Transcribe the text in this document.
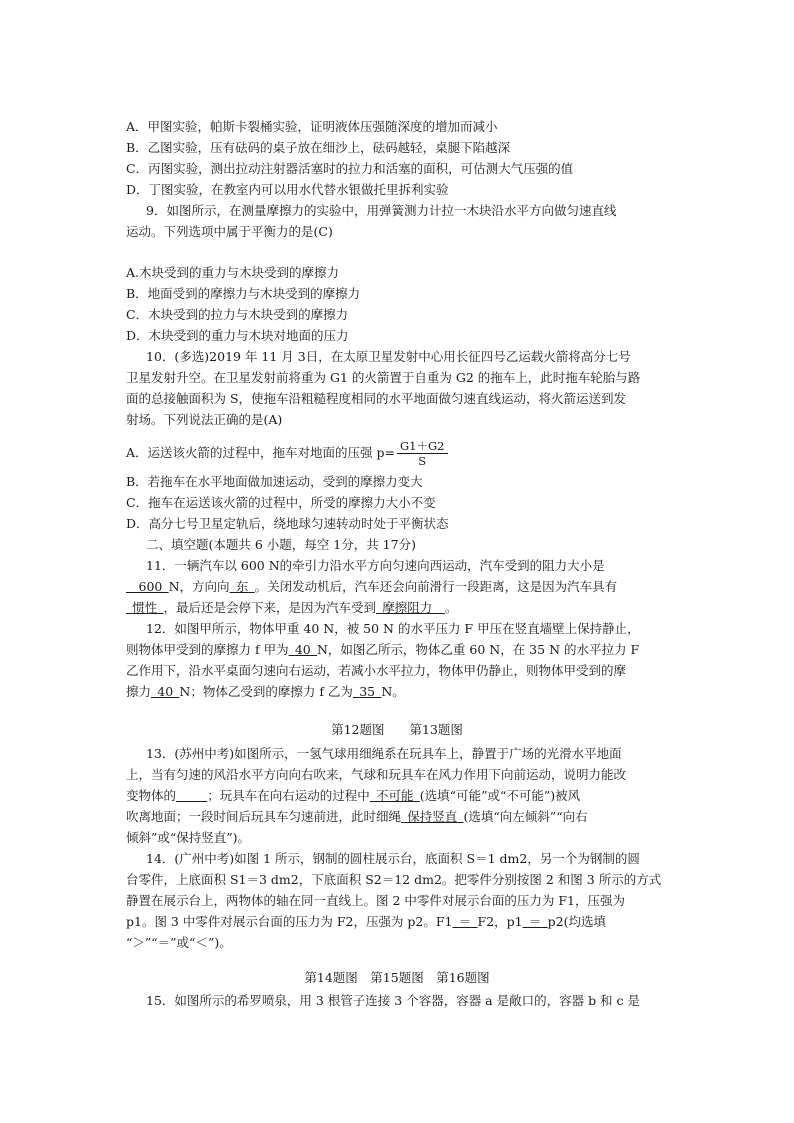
A．甲图实验，帕斯卡裂桶实验，证明液体压强随深度的增加而减小
B．乙图实验，压有砝码的桌子放在细沙上，砝码越轻，桌腿下陷越深
C．丙图实验，测出拉动注射器活塞时的拉力和活塞的面积，可估测大气压强的值
D．丁图实验，在教室内可以用水代替水银做托里拆利实验
9．如图所示，在测量摩擦力的实验中，用弹簧测力计拉一木块沿水平方向做匀速直线
运动。下列选项中属于平衡力的是(C)
A.木块受到的重力与木块受到的摩擦力
B．地面受到的摩擦力与木块受到的摩擦力
C．木块受到的拉力与木块受到的摩擦力
D．木块受到的重力与木块对地面的压力
10．(多选)2019 年 11 月 3日，在太原卫星发射中心用长征四号乙运载火箭将高分七号
卫星发射升空。在卫星发射前将重为 G1 的火箭置于自重为 G2 的拖车上，此时拖车轮胎与路
面的总接触面积为 S，使拖车沿粗糙程度相同的水平地面做匀速直线运动，将火箭运送到发
射场。下列说法正确的是(A)
A．运送该火箭的过程中，拖车对地面的压强 $p= \frac{G1+G2}{S}$
B．若拖车在水平地面做加速运动，受到的摩擦力变大
C．拖车在运送该火箭的过程中，所受的摩擦力大小不变
D．高分七号卫星定轨后，绕地球匀速转动时处于平衡状态
二、填空题(本题共 6 小题，每空 1分，共 17分)
11．一辆汽车以 600 N的牵引力沿水平方向匀速向西运动，汽车受到的阻力大小是
  600  N，方向向  东  。关闭发动机后，汽车还会向前滑行一段距离，这是因为汽车具有
 惯性  ，最后还是会停下来，是因为汽车受到  摩擦阻力   。
12．如图甲所示，物体甲重 40 N，被 50 N 的水平压力 F 甲压在竖直墙壁上保持静止，
则物体甲受到的摩擦力 f 甲为  40  N，如图乙所示，物体乙重 60 N，在 35 N 的水平拉力 F
乙作用下，沿水平桌面匀速向右运动，若减小水平拉力，物体甲仍静止，则物体甲受到的摩
擦力  40  N；物体乙受到的摩擦力 f 乙为  35  N。
第12题图　　第13题图
13．(苏州中考)如图所示，一氢气球用细绳系在玩具车上，静置于广场的光滑水平地面
上，当有匀速的风沿水平方向向右吹来，气球和玩具车在风力作用下向前运动，说明力能改
变物体的     	；玩具车在向右运动的过程中  不可能  (选填“可能”或“不可能”)被风
吹离地面；一段时间后玩具车匀速前进，此时细绳  保持竖直  (选填“向左倾斜”“向右
倾斜”或“保持竖直”)。
14．(广州中考)如图 1 所示，钢制的圆柱展示台，底面积 S＝1 dm2，另一个为钢制的圆
台零件，上底面积 S1＝3 dm2，下底面积 S2＝12 dm2。把零件分别按图 2 和图 3 所示的方式
静置在展示台上，两物体的轴在同一直线上。图 2 中零件对展示台面的压力为 F1，压强为
p1。图 3 中零件对展示台面的压力为 F2，压强为 p2。F1  ＝  F2，p1  ＝  p2(均选填
“＞”“＝”或“＜”)。
第14题图　第15题图　第16题图
15．如图所示的希罗喷泉，用 3 根管子连接 3 个容器，容器 a 是敞口的，容器 b 和 c 是
